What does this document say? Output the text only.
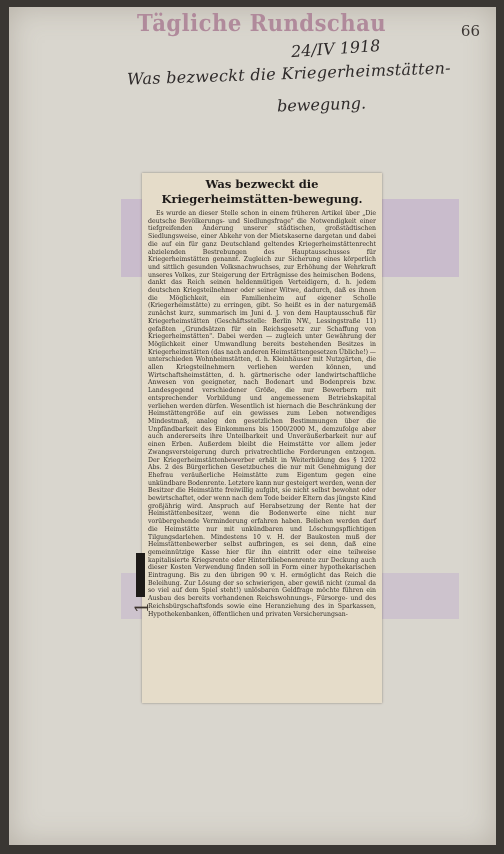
Tägliche Rundschau	66
24/IV 1918
Was bezweckt die Kriegerheimstätten-
bewegung.
Was bezweckt die Kriegerheimstätten-bewegung.
Es wurde an dieser Stelle schon in einem früheren Artikel über „Die deutsche Bevölkerungs- und Siedlungsfrage" die Notwendigkeit einer tiefgreifenden Änderung unserer städtischen, großstädtischen Siedlungsweise, einer Abkehr von der Mietskaserne dargetan und dabei die auf ein für ganz Deutschland geltendes Kriegerheimstättenrecht abzielenden Bestrebungen des Hauptausschusses für Kriegerheimstätten genannt. Zugleich zur Sicherung eines körperlich und sittlich gesunden Volksnachwuchses, zur Erhöhung der Wehrkraft unseres Volkes, zur Steigerung der Erträgnisse des heimischen Bodens, dankt das Reich seinen heldenmütigen Verteidigern, d. h. jedem deutschen Kriegsteilnehmer oder seiner Witwe, dadurch, daß es ihnen die Möglichkeit, ein Familienheim auf eigener Scholle (Kriegerheimstätte) zu erringen, gibt. So heißt es in der naturgemäß zunächst kurz, summarisch im Juni d. J. von dem Hauptausschuß für Kriegerheimstätten (Geschäftsstelle: Berlin NW., Lessingstraße 11) gefaßten „Grundsätzen für ein Reichsgesetz zur Schaffung von Kriegerheimstätten". Dabei werden — zugleich unter Gewährung der Möglichkeit einer Umwandlung bereits bestehenden Besitzes in Kriegerheimstätten (das nach anderen Heimstättengesetzen Übliche!) — unterschieden Wohnheimstätten, d. h. Kleinhäuser mit Nutzgärten, die allen Kriegsteilnehmern verliehen werden können, und Wirtschaftsheimstätten, d. h. gärtnerische oder landwirtschaftliche Anwesen von geeigneter, nach Bodenart und Bodenpreis bzw. Landesgegend verschiedener Größe, die nur Bewerbern mit entsprechender Vorbildung und angemessenem Betriebskapital verliehen werden dürfen. Wesentlich ist hiernach die Beschränkung der Heimstättengröße auf ein gewisses zum Leben notwendiges Mindestmaß, analog den gesetzlichen Bestimmungen über die Unpfändbarkeit des Einkommens bis 1500/2000 M., demzufolge aber auch andererseits ihre Unteilbarkeit und Unveräußerbarkeit nur auf einen Erben. Außerdem bleibt die Heimstätte vor allem jeder Zwangsversteigerung durch privatrechtliche Forderungen entzogen. Der Kriegerheimstättenbewerber erhält in Weiterbildung des § 1202 Abs. 2 des Bürgerlichen Gesetzbuches die nur mit Genehmigung der Ehefrau veräußerliche Heimstätte zum Eigentum gegen eine unkündbare Bodenrente. Letztere kann nur gesteigert werden, wenn der Besitzer die Heimstätte freiwillig aufgibt, sie nicht selbst bewohnt oder bewirtschaftet, oder wenn nach dem Tode beider Eltern das jüngste Kind großjährig wird. Anspruch auf Herabsetzung der Rente hat der Heimstättenbesitzer, wenn die Bodenwerte eine nicht nur vorübergehende Verminderung erfahren haben. Beliehen werden darf die Heimstätte nur mit unkündbaren und Löschungspflichtigen Tilgungsdarlehen. Mindestens 10 v. H. der Baukosten muß der Heimstättenbewerber selbst aufbringen, es sei denn, daß eine gemeinnützige Kasse hier für ihn eintritt oder eine teilweise kapitalisierte Kriegsrente oder Hinterbliebenenrente zur Deckung auch dieser Kosten Verwendung finden soll in Form einer hypothekarischen Eintragung. Bis zu den übrigen 90 v. H. ermöglicht das Reich die Beleihung. Zur Lösung der so schwierigen, aber gewiß nicht (zumal da so viel auf dem Spiel steht!) unlösbaren Geldfrage möchte führen ein Ausbau des bereits vorhandenen Reichswohnungs-, Fürsorge- und des Reichsbürgschaftsfonds sowie eine Heranziehung des in Sparkassen, Hypothekenbanken, öffentlichen und privaten Versicherungsan-
1
